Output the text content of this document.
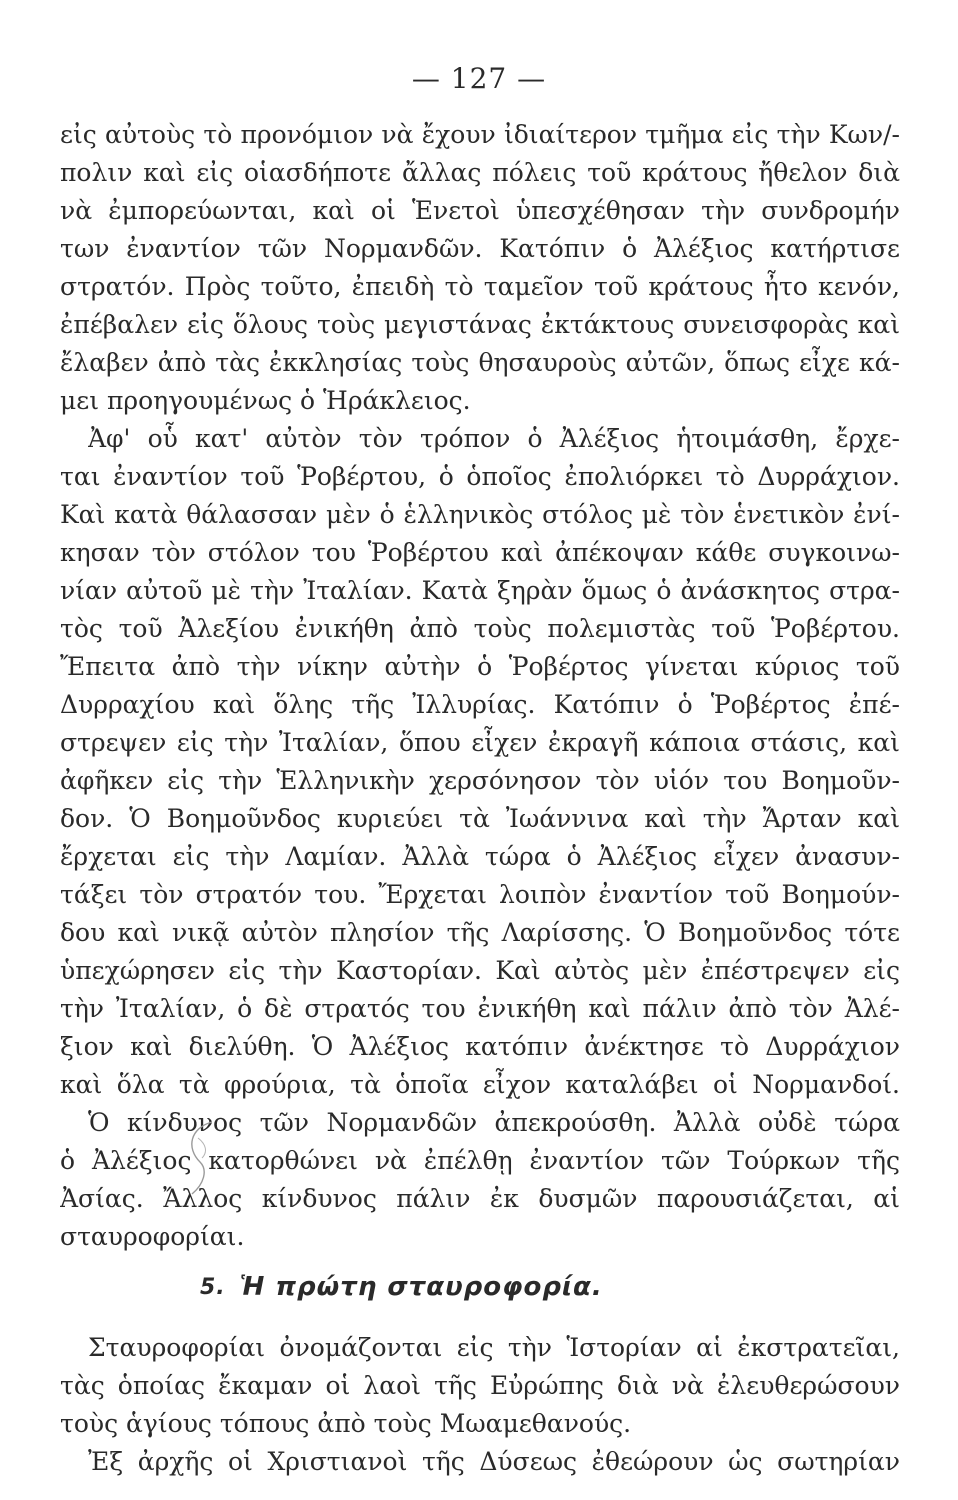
— 127 —
εἰς αὐτοὺς τὸ προνόμιον νὰ ἔχουν ἰδιαίτερον τμῆμα εἰς τὴν Κων/-
πολιν καὶ εἰς οἱασδήποτε ἄλλας πόλεις τοῦ κράτους ἤθελον διὰ
νὰ ἐμπορεύωνται, καὶ οἱ Ἑνετοὶ ὑπεσχέθησαν τὴν συνδρομήν
των ἐναντίον τῶν Νορμανδῶν. Κατόπιν ὁ Ἀλέξιος κατήρτισε
στρατόν. Πρὸς τοῦτο, ἐπειδὴ τὸ ταμεῖον τοῦ κράτους ἦτο κενόν,
ἐπέβαλεν εἰς ὅλους τοὺς μεγιστάνας ἐκτάκτους συνεισφορὰς καὶ
ἔλαβεν ἀπὸ τὰς ἐκκλησίας τοὺς θησαυροὺς αὐτῶν, ὅπως εἶχε κά-
μει προηγουμένως ὁ Ἡράκλειος.
Ἀφ' οὗ κατ' αὐτὸν τὸν τρόπον ὁ Ἀλέξιος ἡτοιμάσθη, ἔρχε-
ται ἐναντίον τοῦ Ῥοβέρτου, ὁ ὁποῖος ἐπολιόρκει τὸ Δυρράχιον.
Καὶ κατὰ θάλασσαν μὲν ὁ ἑλληνικὸς στόλος μὲ τὸν ἑνετικὸν ἐνί-
κησαν τὸν στόλον του Ῥοβέρτου καὶ ἀπέκοψαν κάθε συγκοινω-
νίαν αὐτοῦ μὲ τὴν Ἰταλίαν. Κατὰ ξηρὰν ὅμως ὁ ἀνάσκητος στρα-
τὸς τοῦ Ἀλεξίου ἐνικήθη ἀπὸ τοὺς πολεμιστὰς τοῦ Ῥοβέρτου.
Ἔπειτα ἀπὸ τὴν νίκην αὐτὴν ὁ Ῥοβέρτος γίνεται κύριος τοῦ
Δυρραχίου καὶ ὅλης τῆς Ἰλλυρίας. Κατόπιν ὁ Ῥοβέρτος ἐπέ-
στρεψεν εἰς τὴν Ἰταλίαν, ὅπου εἶχεν ἐκραγῆ κάποια στάσις, καὶ
ἀφῆκεν εἰς τὴν Ἑλληνικὴν χερσόνησον τὸν υἱόν του Βοημοῦν-
δον. Ὁ Βοημοῦνδος κυριεύει τὰ Ἰωάννινα καὶ τὴν Ἄρταν καὶ
ἔρχεται εἰς τὴν Λαμίαν. Ἀλλὰ τώρα ὁ Ἀλέξιος εἶχεν ἀνασυν-
τάξει τὸν στρατόν του. Ἔρχεται λοιπὸν ἐναντίον τοῦ Βοημούν-
δου καὶ νικᾷ αὐτὸν πλησίον τῆς Λαρίσσης. Ὁ Βοημοῦνδος τότε
ὑπεχώρησεν εἰς τὴν Καστορίαν. Καὶ αὐτὸς μὲν ἐπέστρεψεν εἰς
τὴν Ἰταλίαν, ὁ δὲ στρατός του ἐνικήθη καὶ πάλιν ἀπὸ τὸν Ἀλέ-
ξιον καὶ διελύθη. Ὁ Ἀλέξιος κατόπιν ἀνέκτησε τὸ Δυρράχιον
καὶ ὅλα τὰ φρούρια, τὰ ὁποῖα εἶχον καταλάβει οἱ Νορμανδοί.
Ὁ κίνδυνος τῶν Νορμανδῶν ἀπεκρούσθη. Ἀλλὰ οὐδὲ τώρα
ὁ Ἀλέξιος κατορθώνει νὰ ἐπέλθῃ ἐναντίον τῶν Τούρκων τῆς
Ἀσίας. Ἄλλος κίνδυνος πάλιν ἐκ δυσμῶν παρουσιάζεται, αἱ
σταυροφορίαι.
5. Ἡ πρώτη σταυροφορία.
Σταυροφορίαι ὀνομάζονται εἰς τὴν Ἱστορίαν αἱ ἐκστρατεῖαι,
τὰς ὁποίας ἔκαμαν οἱ λαοὶ τῆς Εὐρώπης διὰ νὰ ἐλευθερώσουν
τοὺς ἁγίους τόπους ἀπὸ τοὺς Μωαμεθανούς.
Ἐξ ἀρχῆς οἱ Χριστιανοὶ τῆς Δύσεως ἐθεώρουν ὡς σωτηρίαν
